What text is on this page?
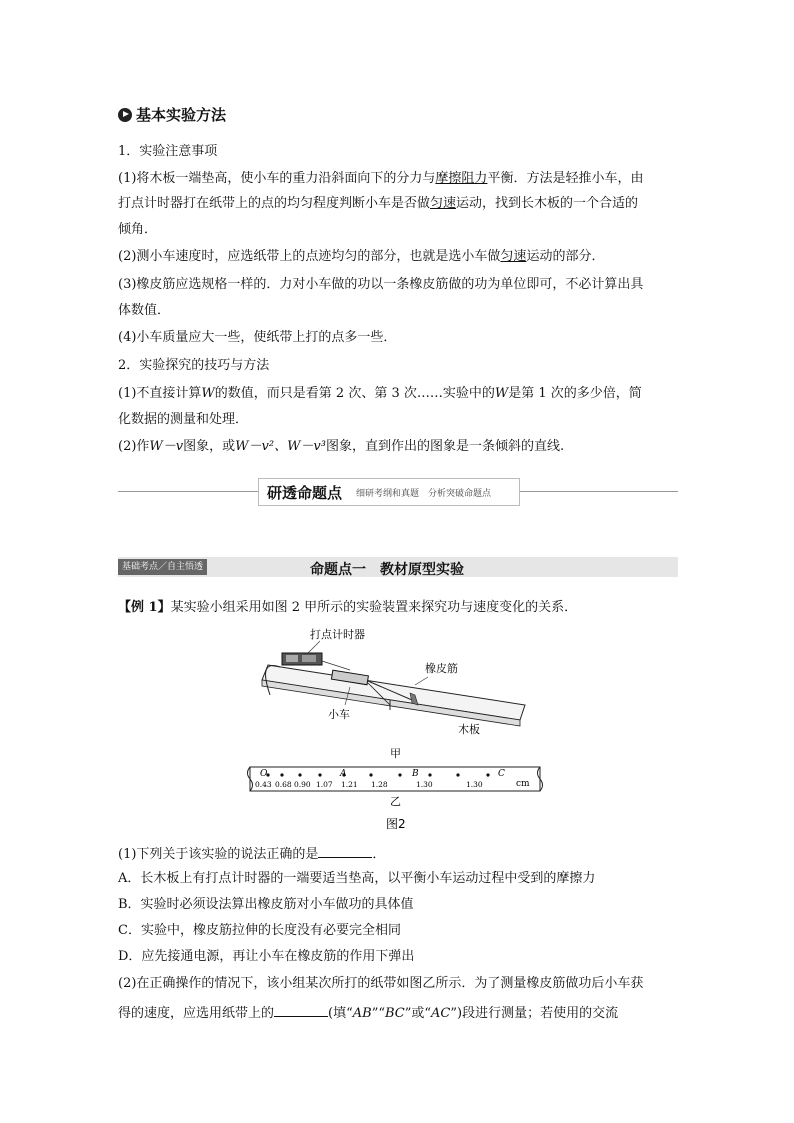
基本实验方法
1．实验注意事项
(1)将木板一端垫高，使小车的重力沿斜面向下的分力与摩擦阻力平衡．方法是轻推小车，由
打点计时器打在纸带上的点的均匀程度判断小车是否做匀速运动，找到长木板的一个合适的
倾角．
(2)测小车速度时，应选纸带上的点迹均匀的部分，也就是选小车做匀速运动的部分．
(3)橡皮筋应选规格一样的．力对小车做的功以一条橡皮筋做的功为单位即可，不必计算出具
体数值．
(4)小车质量应大一些，使纸带上打的点多一些．
2．实验探究的技巧与方法
(1)不直接计算W的数值，而只是看第 2 次、第 3 次……实验中的W是第 1 次的多少倍，简
化数据的测量和处理．
(2)作W－v图象，或W－v²、W－v³图象，直到作出的图象是一条倾斜的直线.
研透命题点 细研考纲和真题　分析突破命题点
基础考点／自主悟透	命题点一　教材原型实验
【例 1】某实验小组采用如图 2 甲所示的实验装置来探究功与速度变化的关系．
打点计时器
橡皮筋
小车
木板
甲
O	A	B	C
0.43 0.68 0.90 1.07 1.21 1.28	1.30	1.30	cm
乙
图2
(1)下列关于该实验的说法正确的是	．
A．长木板上有打点计时器的一端要适当垫高，以平衡小车运动过程中受到的摩擦力
B．实验时必须设法算出橡皮筋对小车做功的具体值
C．实验中，橡皮筋拉伸的长度没有必要完全相同
D．应先接通电源，再让小车在橡皮筋的作用下弹出
(2)在正确操作的情况下，该小组某次所打的纸带如图乙所示．为了测量橡皮筋做功后小车获
得的速度，应选用纸带上的	(填“AB”“BC”或“AC”)段进行测量；若使用的交流
